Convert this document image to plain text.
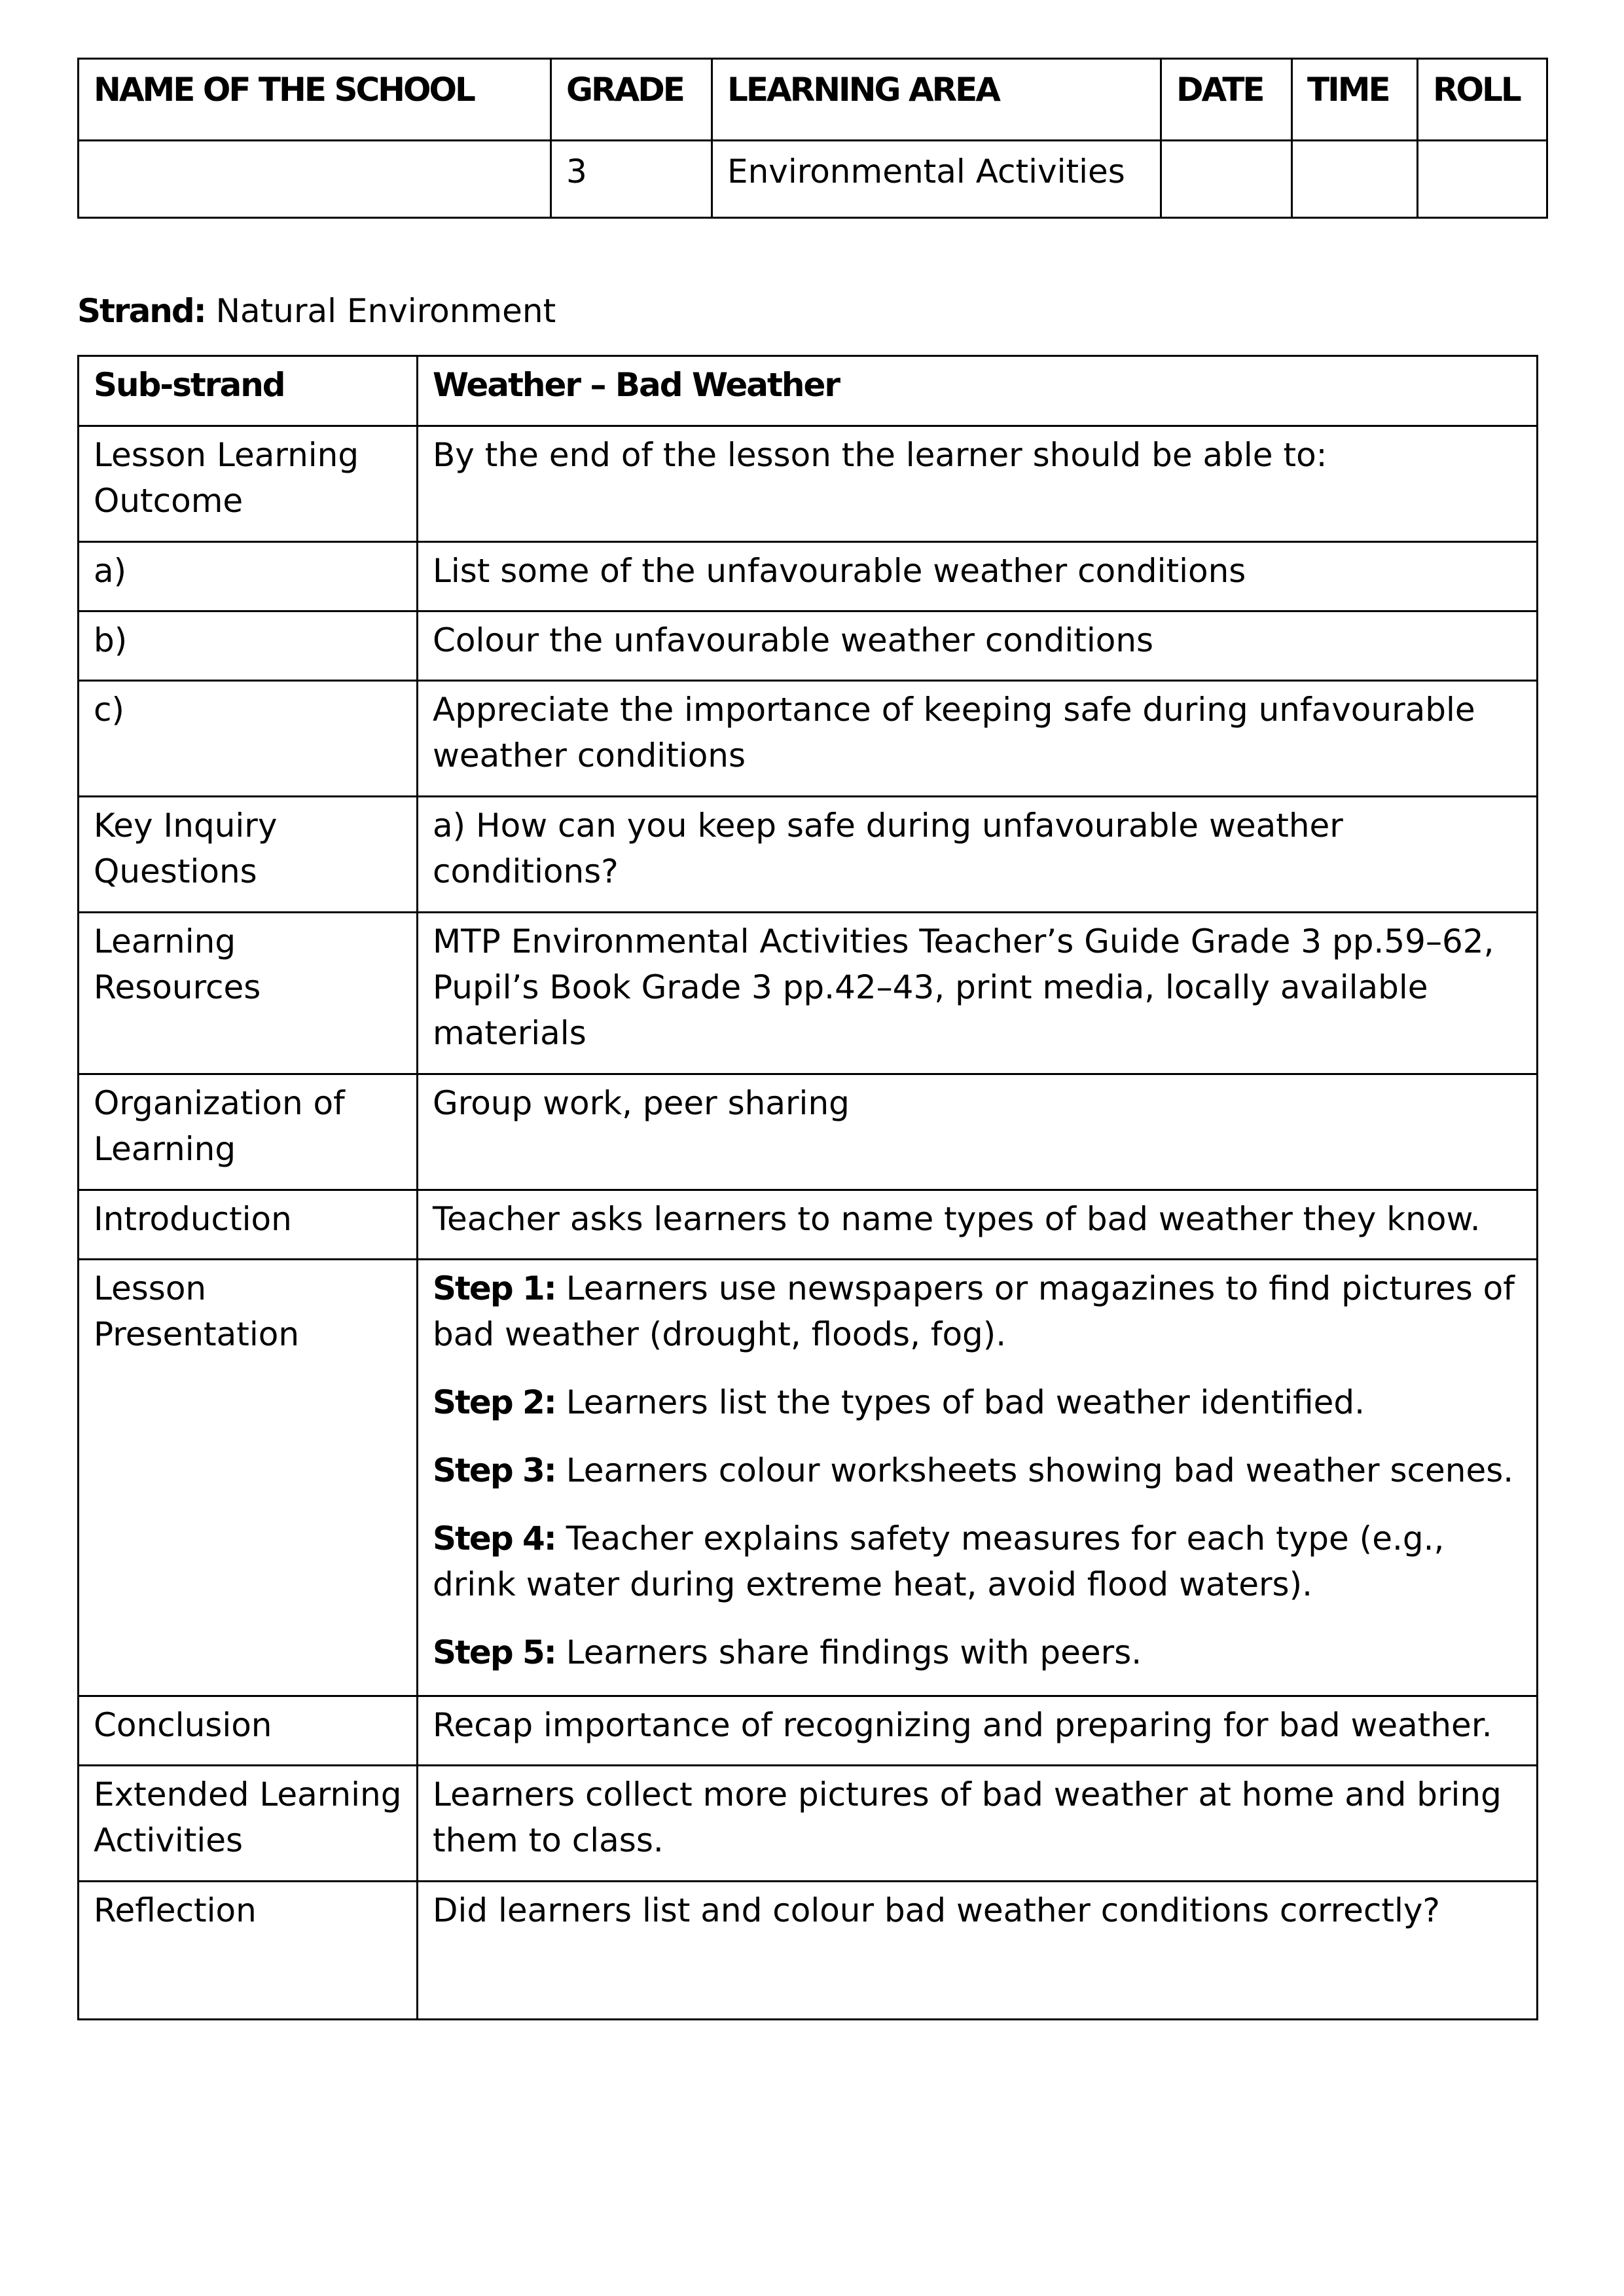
NAME OF THE SCHOOL	GRADE	LEARNING AREA	DATE	TIME	ROLL
	3	Environmental Activities			
Strand: Natural Environment
Sub-strand	Weather – Bad Weather
Lesson Learning Outcome	By the end of the lesson the learner should be able to:
a)	List some of the unfavourable weather conditions
b)	Colour the unfavourable weather conditions
c)	Appreciate the importance of keeping safe during unfavourable weather conditions
Key Inquiry Questions	a) How can you keep safe during unfavourable weather conditions?
Learning Resources	MTP Environmental Activities Teacher’s Guide Grade 3 pp.59–62, Pupil’s Book Grade 3 pp.42–43, print media, locally available materials
Organization of Learning	Group work, peer sharing
Introduction	Teacher asks learners to name types of bad weather they know.
Lesson Presentation	Step 1: Learners use newspapers or magazines to find pictures of bad weather (drought, floods, fog).
Step 2: Learners list the types of bad weather identified.
Step 3: Learners colour worksheets showing bad weather scenes.
Step 4: Teacher explains safety measures for each type (e.g., drink water during extreme heat, avoid flood waters).
Step 5: Learners share findings with peers.

Conclusion	Recap importance of recognizing and preparing for bad weather.
Extended Learning Activities	Learners collect more pictures of bad weather at home and bring them to class.
Reflection	Did learners list and colour bad weather conditions correctly?
